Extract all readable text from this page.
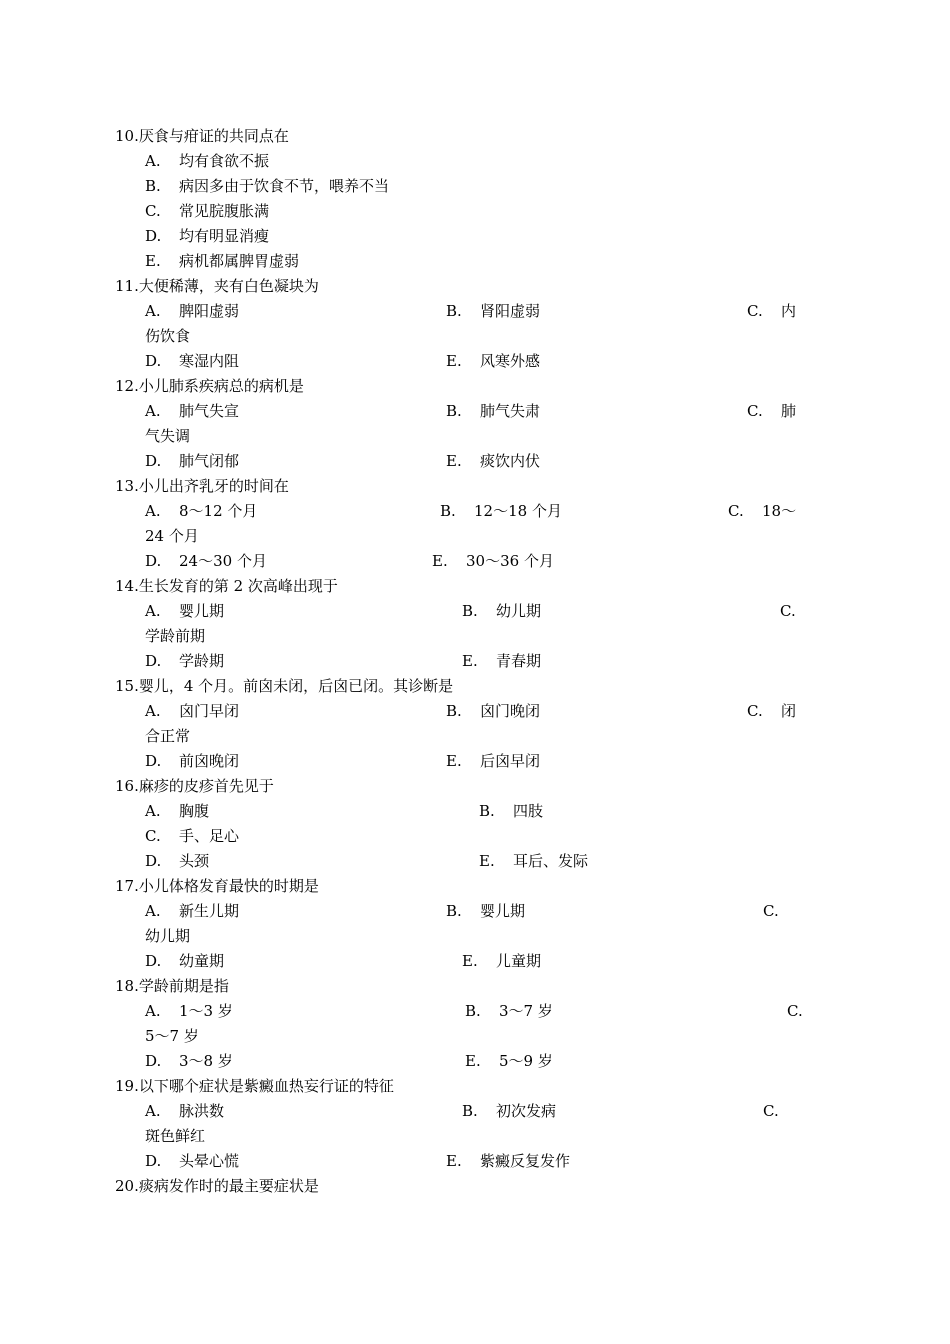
10.厌食与疳证的共同点在
A. 均有食欲不振
B. 病因多由于饮食不节，喂养不当
C. 常见脘腹胀满
D. 均有明显消瘦
E. 病机都属脾胃虚弱
11.大便稀薄，夹有白色凝块为
A. 脾阳虚弱	B. 肾阳虚弱	C. 内
伤饮食
D. 寒湿内阻	E. 风寒外感
12.小儿肺系疾病总的病机是
A. 肺气失宣	B. 肺气失肃	C. 肺
气失调
D. 肺气闭郁	E. 痰饮内伏
13.小儿出齐乳牙的时间在
A. 8～12 个月	B. 12～18 个月	C. 18～
24 个月
D. 24～30 个月	E. 30～36 个月
14.生长发育的第 2 次高峰出现于
A. 婴儿期	B. 幼儿期	C.
学龄前期
D. 学龄期	E. 青春期
15.婴儿，4 个月。前囟未闭，后囟已闭。其诊断是
A. 囟门早闭	B. 囟门晚闭	C. 闭
合正常
D. 前囟晚闭	E. 后囟早闭
16.麻疹的皮疹首先见于
A. 胸腹	B. 四肢
C. 手、足心
D. 头颈	E. 耳后、发际
17.小儿体格发育最快的时期是
A. 新生儿期	B. 婴儿期	C.
幼儿期
D. 幼童期	E. 儿童期
18.学龄前期是指
A. 1～3 岁	B. 3～7 岁	C.
5～7 岁
D. 3～8 岁	E. 5～9 岁
19.以下哪个症状是紫癜血热妄行证的特征
A. 脉洪数	B. 初次发病	C.
斑色鲜红
D. 头晕心慌	E. 紫癜反复发作
20.痰病发作时的最主要症状是
